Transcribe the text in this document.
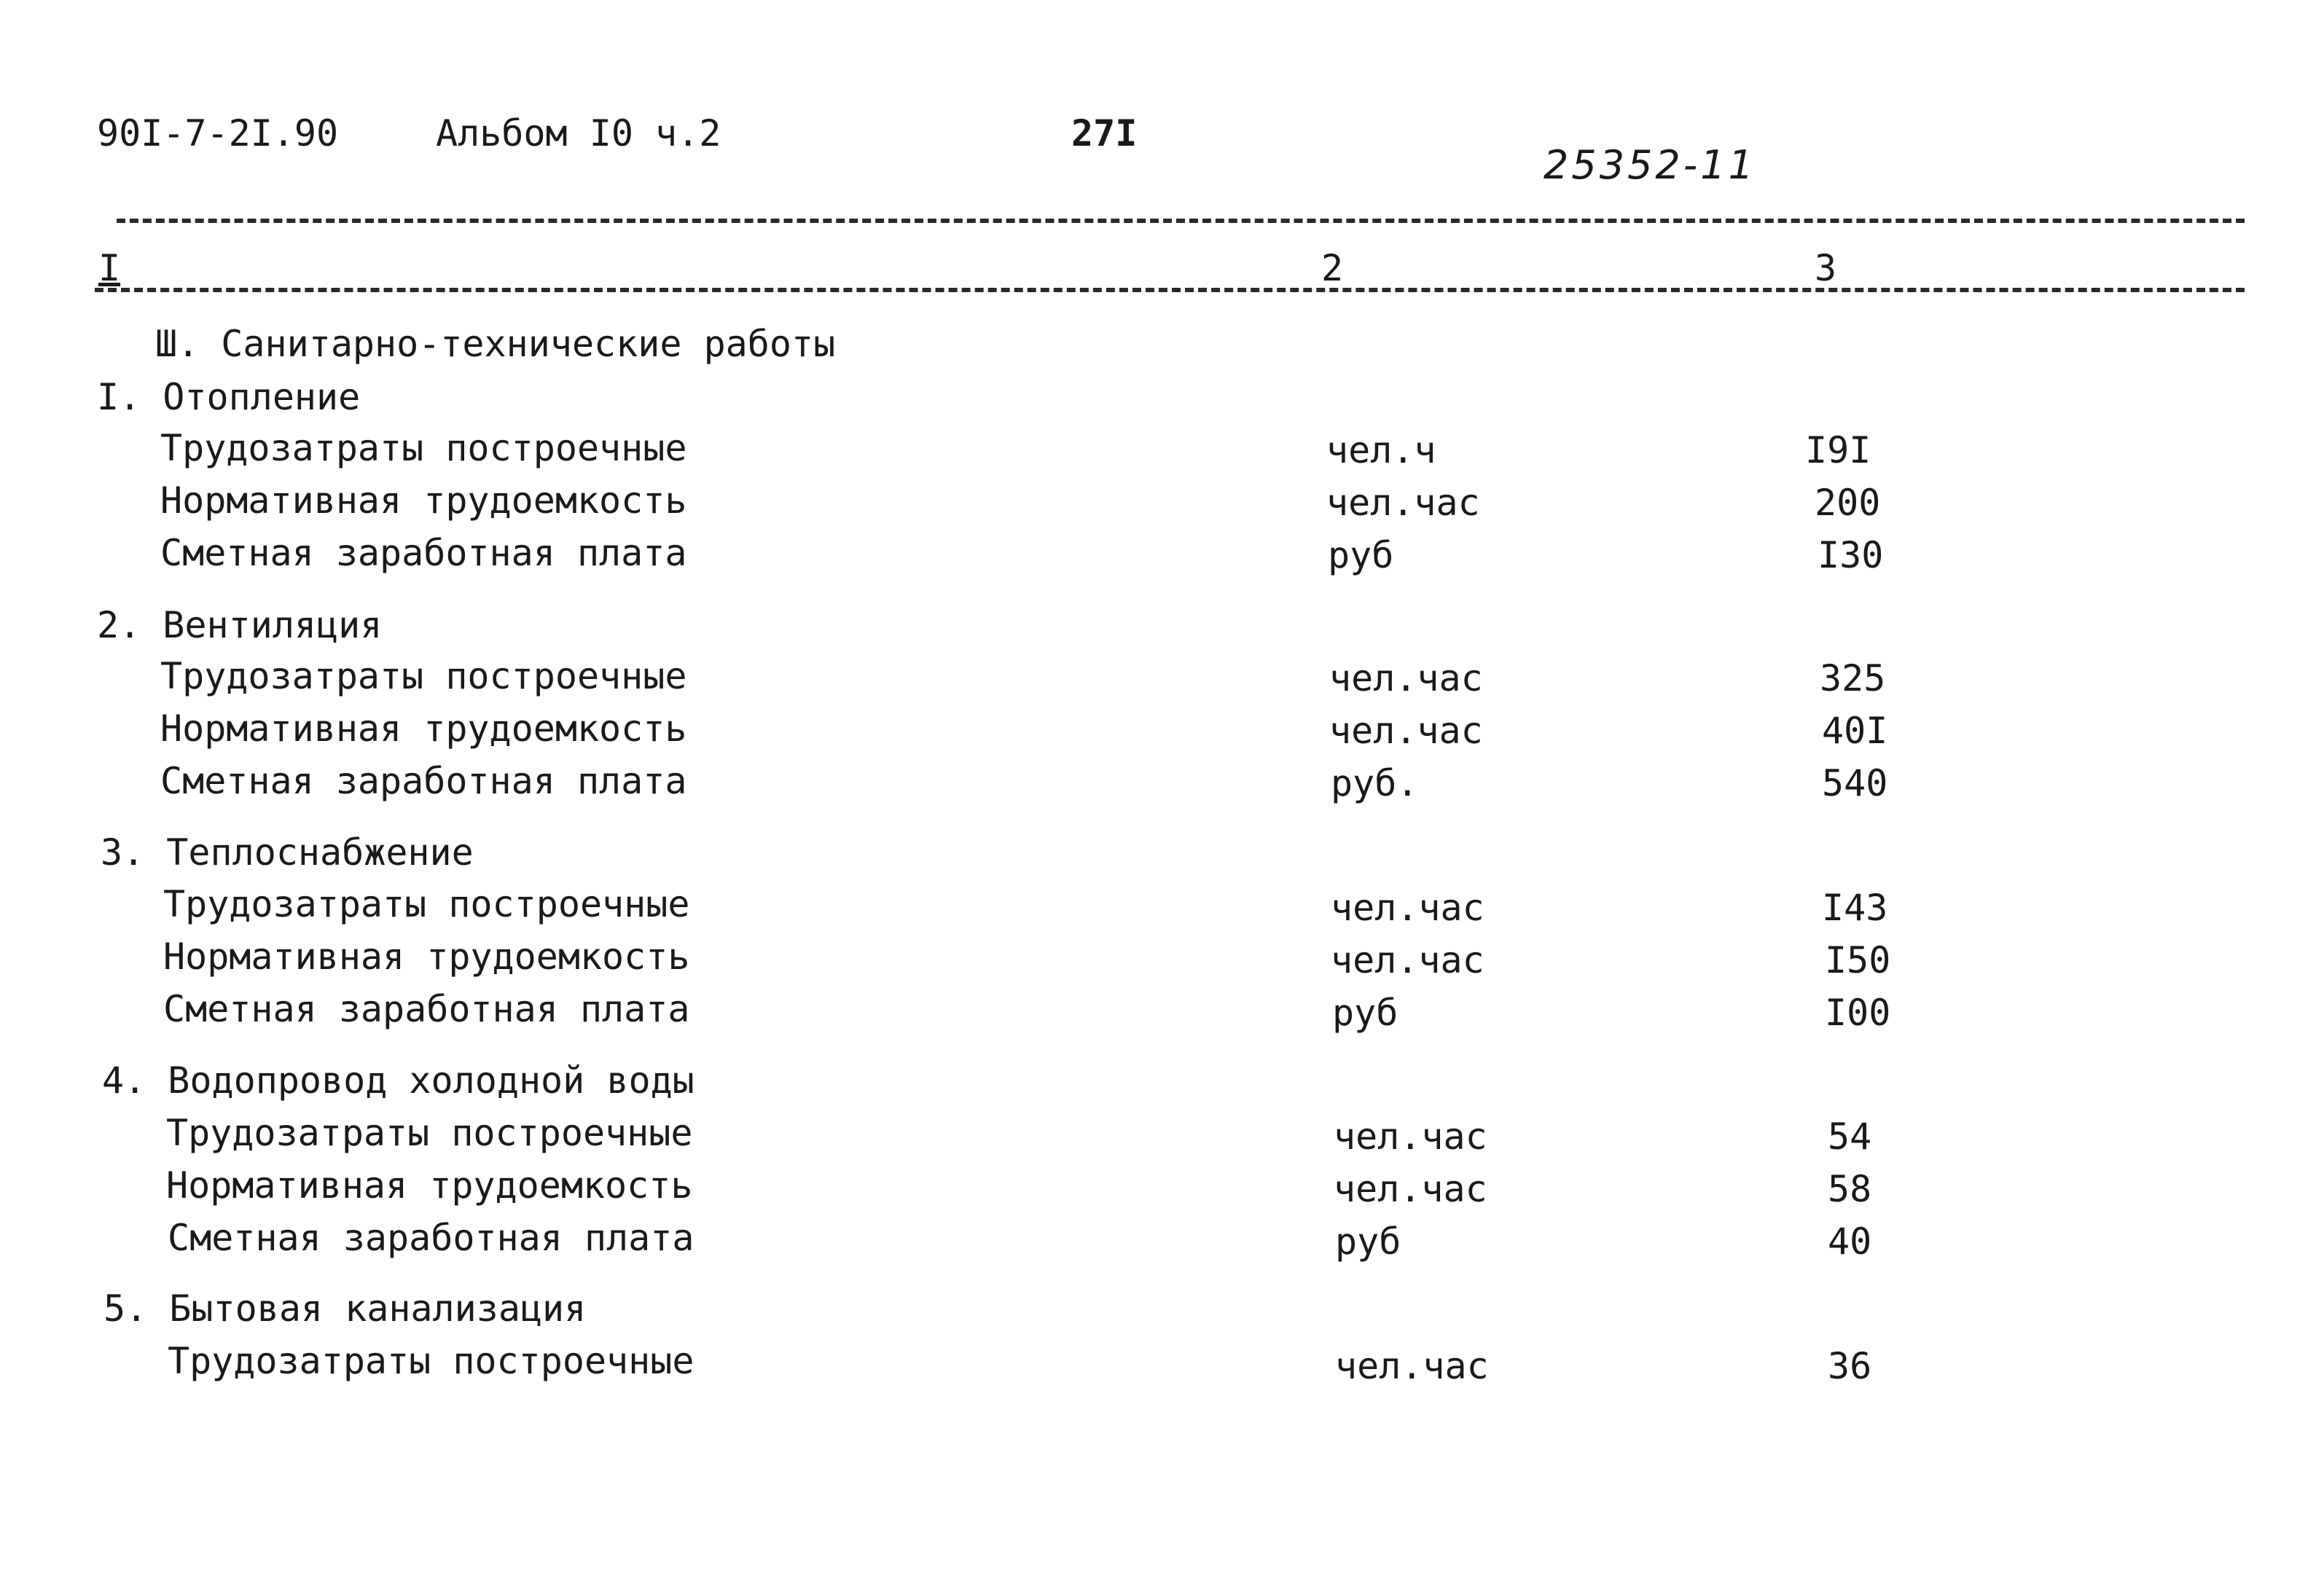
90I-7-2I.90	Альбом I0 ч.2	27I
25352-11
I	2	3
Ш. Санитарно-технические работы
I. Отопление
Трудозатраты построечные	чел.ч	I9I
Нормативная трудоемкость	чел.час	200
Сметная заработная плата	руб	I30
2. Вентиляция
Трудозатраты построечные	чел.час	325
Нормативная трудоемкость	чел.час	40I
Сметная заработная плата	руб.	540
3. Теплоснабжение
Трудозатраты построечные	чел.час	I43
Нормативная трудоемкость	чел.час	I50
Сметная заработная плата	руб	I00
4. Водопровод холодной воды
Трудозатраты построечные	чел.час	54
Нормативная трудоемкость	чел.час	58
Сметная заработная плата	руб	40
5. Бытовая канализация
Трудозатраты построечные	чел.час	36
